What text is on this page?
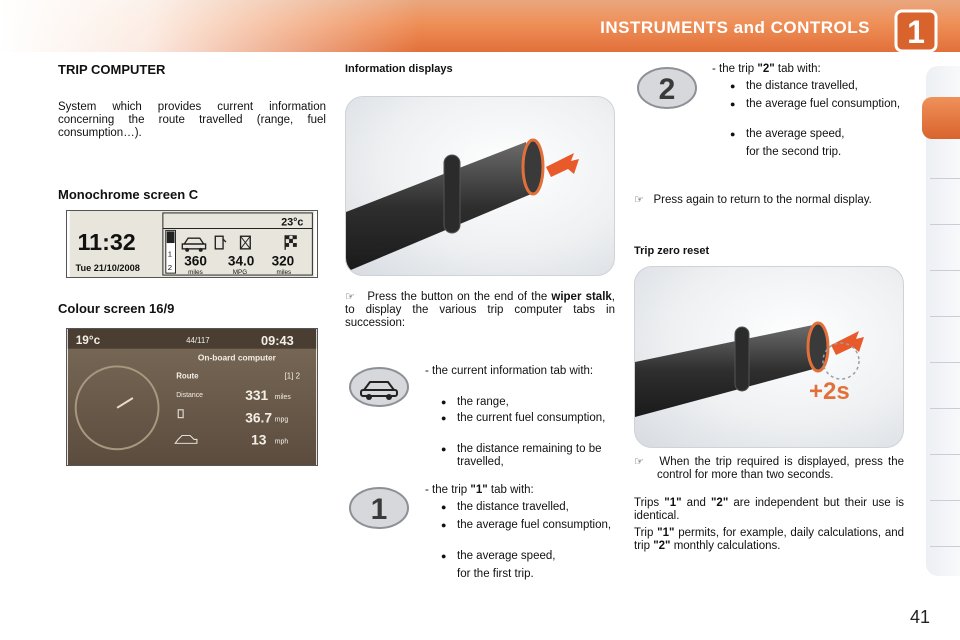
INSTRUMENTS and CONTROLS 1
TRIP COMPUTER
System which provides current information concerning the route travelled (range, fuel consumption…).
Monochrome screen C
11:32
Tue 21/10/2008
23°c
1
2 360 34.0 320
miles	MPG	miles
Colour screen 16/9
19°c	44/117	09:43
On-board computer
Route	[1] 2
Distance	331 miles
36.7 mpg
13 mph
Information displays
☞ Press the button on the end of the wiper stalk, to display the various trip computer tabs in succession:
- the current information tab with:
● the range,
● the current fuel consumption,
● the distance remaining to be travelled,
1
- the trip "1" tab with:
● the distance travelled,
● the average fuel consumption,
● the average speed,
for the first trip.
2
- the trip "2" tab with:
● the distance travelled,
● the average fuel consumption,
● the average speed,
for the second trip.
☞ Press again to return to the normal display.
Trip zero reset
+2s
☞ When the trip required is displayed, press the control for more than two seconds.
Trips "1" and "2" are independent but their use is identical.
Trip "1" permits, for example, daily calculations, and trip "2" monthly calculations.
41
